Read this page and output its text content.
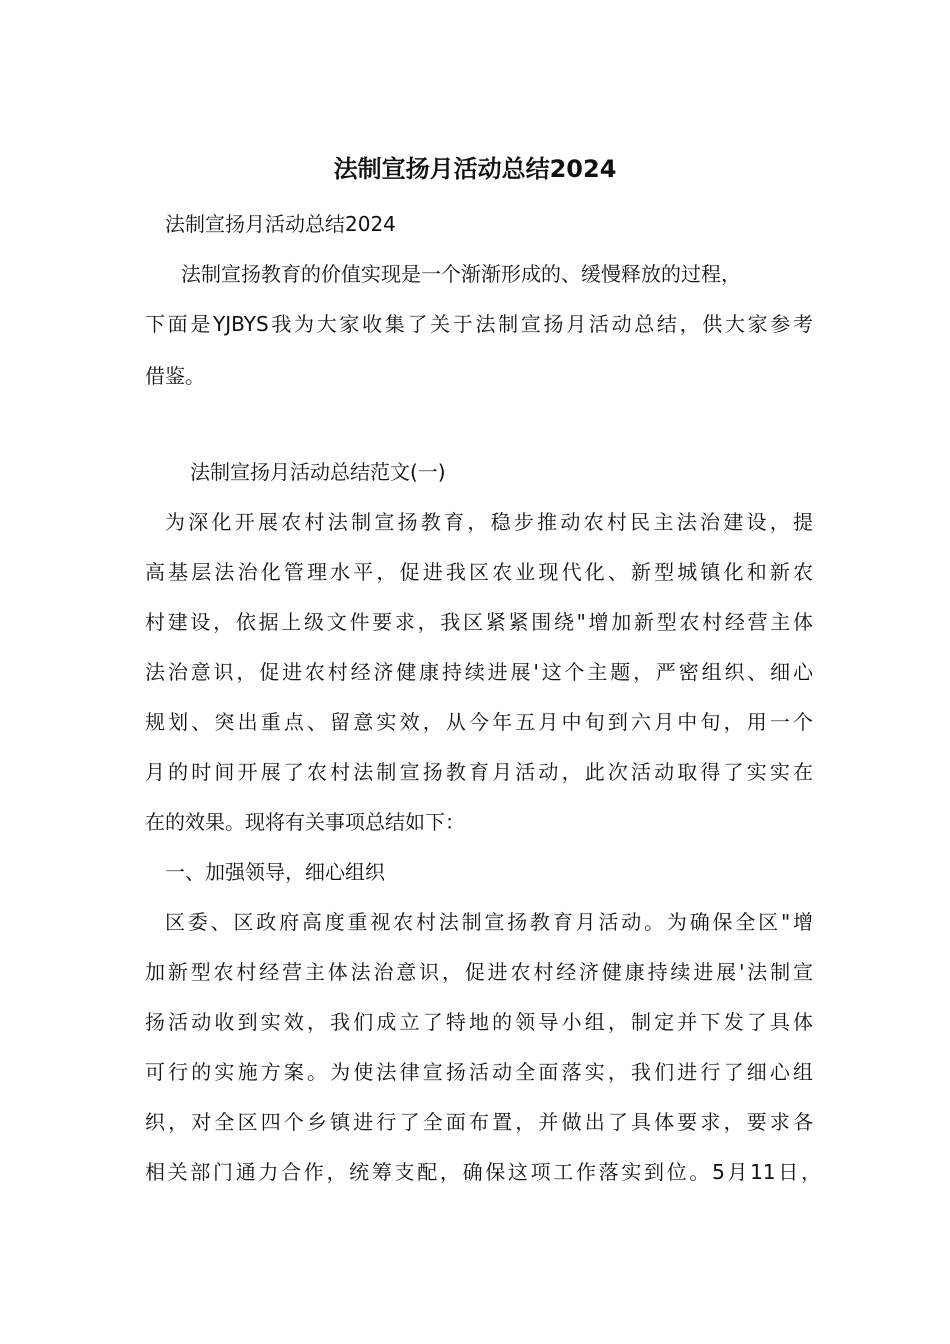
法制宣扬月活动总结2024

法制宣扬月活动总结2024

法制宣扬教育的价值实现是一个渐渐形成的、缓慢释放的过程，

下面是YJBYS我为大家收集了关于法制宣扬月活动总结，供大家参考

借鉴。

法制宣扬月活动总结范文(一)

为深化开展农村法制宣扬教育，稳步推动农村民主法治建设，提

高基层法治化管理水平，促进我区农业现代化、新型城镇化和新农

村建设，依据上级文件要求，我区紧紧围绕"增加新型农村经营主体

法治意识，促进农村经济健康持续进展'这个主题，严密组织、细心

规划、突出重点、留意实效，从今年五月中旬到六月中旬，用一个

月的时间开展了农村法制宣扬教育月活动，此次活动取得了实实在

在的效果。现将有关事项总结如下：

一、加强领导，细心组织

区委、区政府高度重视农村法制宣扬教育月活动。为确保全区"增

加新型农村经营主体法治意识，促进农村经济健康持续进展'法制宣

扬活动收到实效，我们成立了特地的领导小组，制定并下发了具体

可行的实施方案。为使法律宣扬活动全面落实，我们进行了细心组

织，对全区四个乡镇进行了全面布置，并做出了具体要求，要求各

相关部门通力合作，统筹支配，确保这项工作落实到位。5月11日，
